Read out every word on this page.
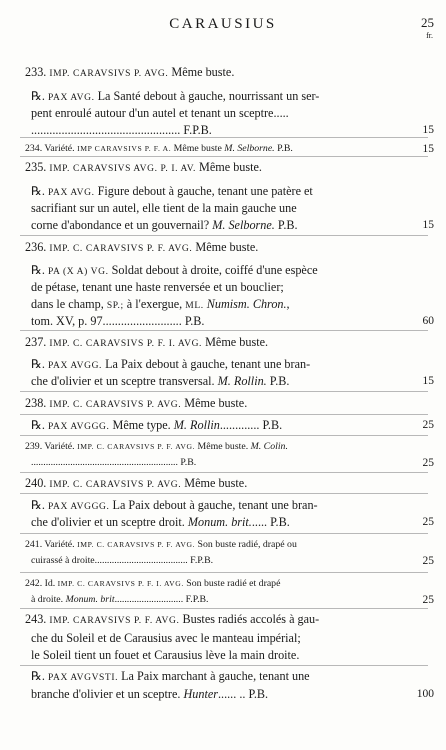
CARAUSIUS	25
fr.
233. IMP. CARAVSIVS P. AVG. Même buste.
℞. PAX AVG. La Santé debout à gauche, nourrissant un ser-
pent enroulé autour d'un autel et tenant un sceptre.....
................................................. F.P.B.	15
234. Variété. IMP CARAVSIVS P. F. A. Même buste M. Selborne. P.B.	15
235. IMP. CARAVSIVS AVG. P. I. AV. Même buste.
℞. PAX AVG. Figure debout à gauche, tenant une patère et
sacrifiant sur un autel, elle tient de la main gauche une
corne d'abondance et un gouvernail? M. Selborne. P.B.	15
236. IMP. C. CARAVSIVS P. F. AVG. Même buste.
℞. PA (X A) VG. Soldat debout à droite, coiffé d'une espèce
de pétase, tenant une haste renversée et un bouclier;
dans le champ, SP.; à l'exergue, ML. Numism. Chron.,
tom. XV, p. 97.......................... P.B.	60
237. IMP. C. CARAVSIVS P. F. I. AVG. Même buste.
℞. PAX AVGG. La Paix debout à gauche, tenant une bran-
che d'olivier et un sceptre transversal. M. Rollin. P.B.	15
238. IMP. C. CARAVSIVS P. AVG. Même buste.
℞. PAX AVGGG. Même type. M. Rollin............. P.B.	25
239. Variété. IMP. C. CARAVSIVS P. F. AVG. Même buste. M. Colin.
............................................................ P.B.	25
240. IMP. C. CARAVSIVS P. AVG. Même buste.
℞. PAX AVGGG. La Paix debout à gauche, tenant une bran-
che d'olivier et un sceptre droit. Monum. brit...... P.B.	25
241. Variété. IMP. C. CARAVSIVS P. F. AVG. Son buste radié, drapé ou
cuirassé à droite...................................... F.P.B.	25
242. Id. IMP. C. CARAVSIVS P. F. I. AVG. Son buste radié et drapé
à droite. Monum. brit............................ F.P.B.	25
243. IMP. CARAVSIVS P. F. AVG. Bustes radiés accolés à gau-
che du Soleil et de Carausius avec le manteau impérial;
le Soleil tient un fouet et Carausius lève la main droite.
℞. PAX AVGVSTI. La Paix marchant à gauche, tenant une
branche d'olivier et un sceptre. Hunter...... .. P.B.	100
